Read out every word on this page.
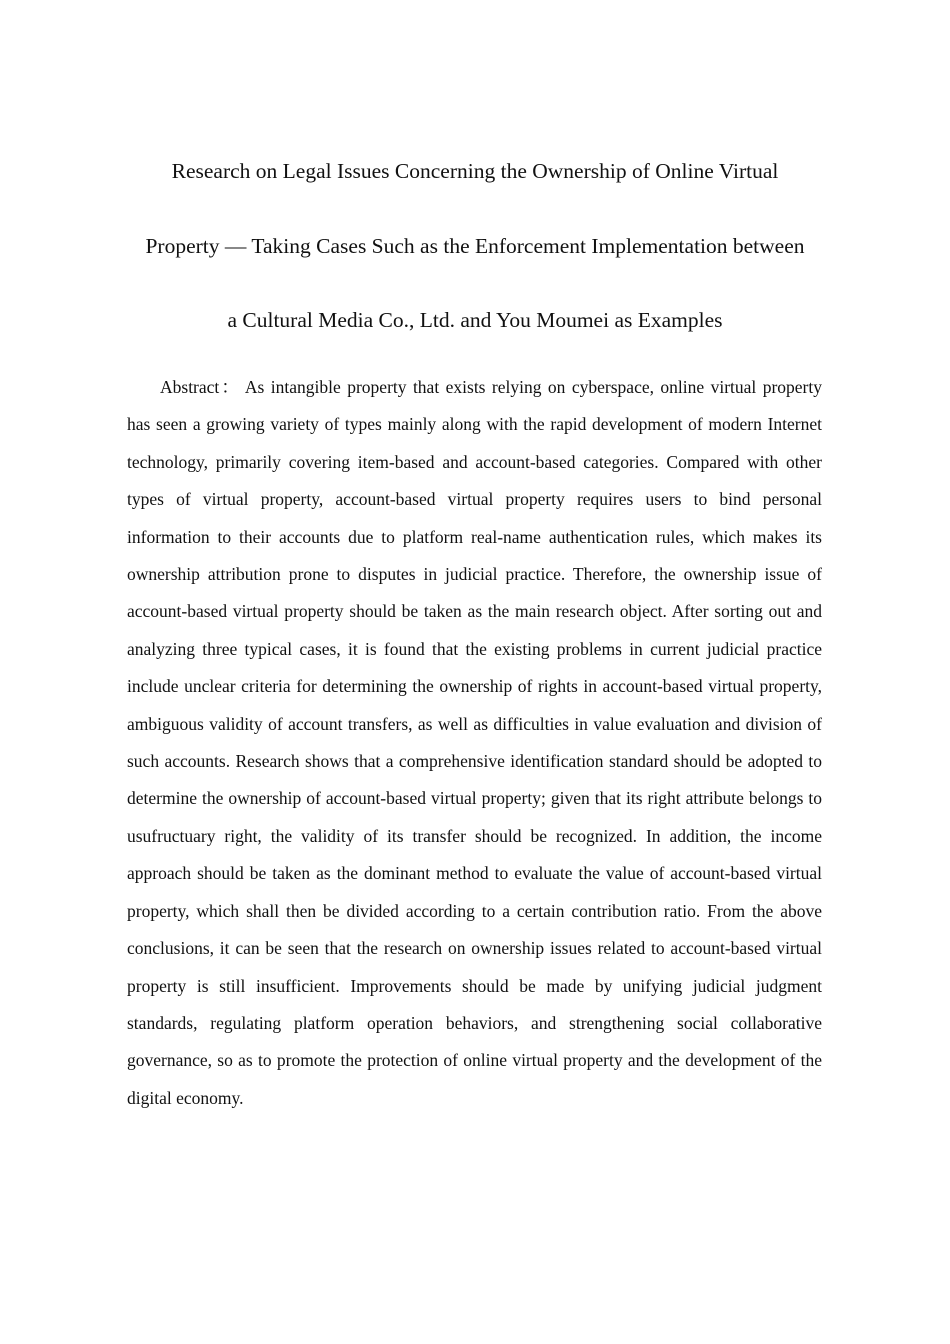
Research on Legal Issues Concerning the Ownership of Online Virtual
Property — Taking Cases Such as the Enforcement Implementation between
a Cultural Media Co., Ltd. and You Moumei as Examples

Abstract： As intangible property that exists relying on cyberspace, online virtual property has seen a growing variety of types mainly along with the rapid development of modern Internet technology, primarily covering item-based and account-based categories. Compared with other types of virtual property, account-based virtual property requires users to bind personal information to their accounts due to platform real-name authentication rules, which makes its ownership attribution prone to disputes in judicial practice. Therefore, the ownership issue of account-based virtual property should be taken as the main research object. After sorting out and analyzing three typical cases, it is found that the existing problems in current judicial practice include unclear criteria for determining the ownership of rights in account-based virtual property, ambiguous validity of account transfers, as well as difficulties in value evaluation and division of such accounts. Research shows that a comprehensive identification standard should be adopted to determine the ownership of account-based virtual property; given that its right attribute belongs to usufructuary right, the validity of its transfer should be recognized. In addition, the income approach should be taken as the dominant method to evaluate the value of account-based virtual property, which shall then be divided according to a certain contribution ratio. From the above conclusions, it can be seen that the research on ownership issues related to account-based virtual property is still insufficient. Improvements should be made by unifying judicial judgment standards, regulating platform operation behaviors, and strengthening social collaborative governance, so as to promote the protection of online virtual property and the development of the digital economy.
